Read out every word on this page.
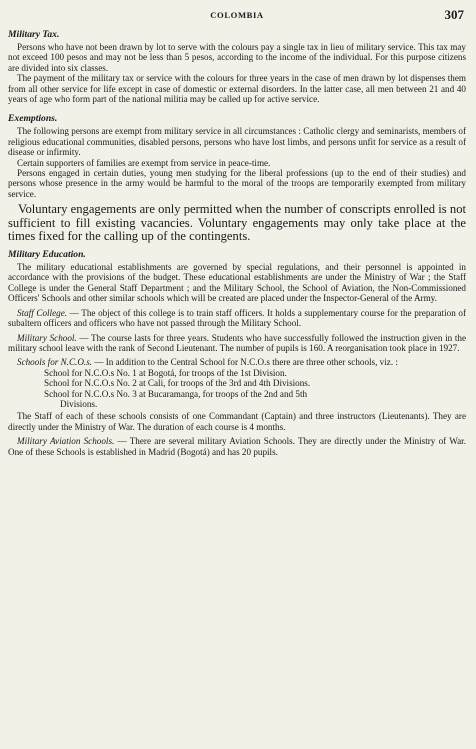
COLOMBIA	307
Military Tax.

Persons who have not been drawn by lot to serve with the colours pay a single tax in lieu of military service. This tax may not exceed 100 pesos and may not be less than 5 pesos, according to the income of the individual. For this purpose citizens are divided into six classes.

The payment of the military tax or service with the colours for three years in the case of men drawn by lot dispenses them from all other service for life except in case of domestic or external disorders. In the latter case, all men between 21 and 40 years of age who form part of the national militia may be called up for active service.

Exemptions.

The following persons are exempt from military service in all circumstances : Catholic clergy and seminarists, members of religious educational communities, disabled persons, persons who have lost limbs, and persons unfit for service as a result of disease or infirmity.

Certain supporters of families are exempt from service in peace-time.

Persons engaged in certain duties, young men studying for the liberal professions (up to the end of their studies) and persons whose presence in the army would be harmful to the moral of the troops are temporarily exempted from military service.

Voluntary engagements are only permitted when the number of conscripts enrolled is not sufficient to fill existing vacancies. Voluntary engagements may only take place at the times fixed for the calling up of the contingents.

Military Education.

The military educational establishments are governed by special regulations, and their personnel is appointed in accordance with the provisions of the budget. These educational establishments are under the Ministry of War ; the Staff College is under the General Staff Department ; and the Military School, the School of Aviation, the Non-Commissioned Officers' Schools and other similar schools which will be created are placed under the Inspector-General of the Army.

Staff College. — The object of this college is to train staff officers. It holds a supplementary course for the preparation of subaltern officers and officers who have not passed through the Military School.

Military School. — The course lasts for three years. Students who have successfully followed the instruction given in the military school leave with the rank of Second Lieutenant. The number of pupils is 160. A reorganisation took place in 1927.

Schools for N.C.O.s. — In addition to the Central School for N.C.O.s there are three other schools, viz. :

School for N.C.O.s No. 1 at Bogotá, for troops of the 1st Division.

School for N.C.O.s No. 2 at Cali, for troops of the 3rd and 4th Divisions.

School for N.C.O.s No. 3 at Bucaramanga, for troops of the 2nd and 5th

Divisions.

The Staff of each of these schools consists of one Commandant (Captain) and three instructors (Lieutenants). They are directly under the Ministry of War. The duration of each course is 4 months.

Military Aviation Schools. — There are several military Aviation Schools. They are directly under the Ministry of War. One of these Schools is established in Madrid (Bogotá) and has 20 pupils.
